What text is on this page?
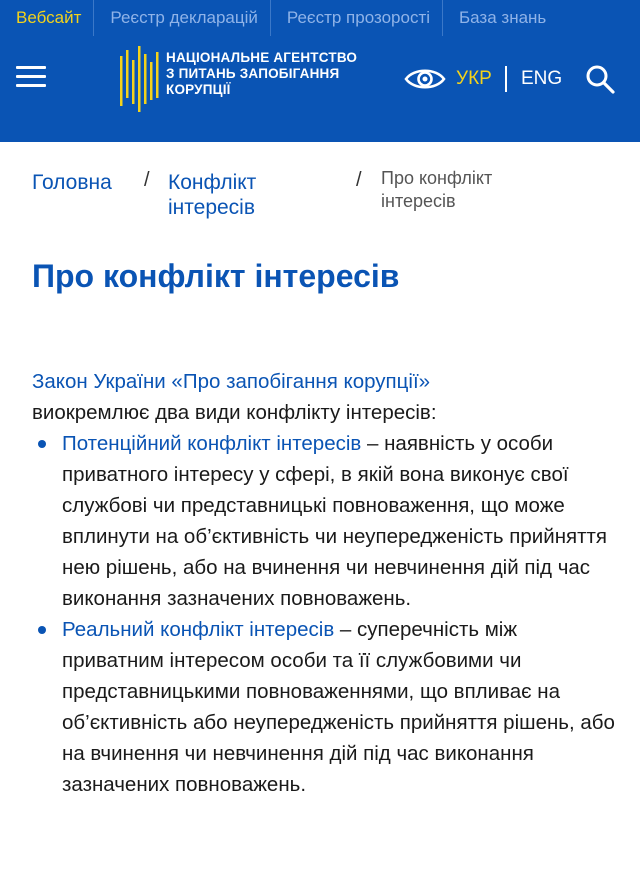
Вебсайт	Реєстр декларацій	Реєстр прозорості	База знань
НАЦІОНАЛЬНЕ АГЕНТСТВО
З ПИТАНЬ ЗАПОБІГАННЯ
КОРУПЦІЇ
УКР ENG
Головна / Конфлікт
інтересів
/ Про конфлікт
інтересів
Про конфлікт інтересів

Закон України «Про запобігання корупції»
виокремлює два види конфлікту інтересів:

Потенційний конфлікт інтересів – наявність у особи приватного інтересу у сфері, в якій вона виконує свої службові чи представницькі повноваження, що може вплинути на об’єктивність чи неупередженість прийняття нею рішень, або на вчинення чи невчинення дій під час виконання зазначених повноважень.
Реальний конфлікт інтересів – суперечність між приватним інтересом особи та її службовими чи представницькими повноваженнями, що впливає на об’єктивність або неупередженість прийняття рішень, або на вчинення чи невчинення дій під час виконання зазначених повноважень.
